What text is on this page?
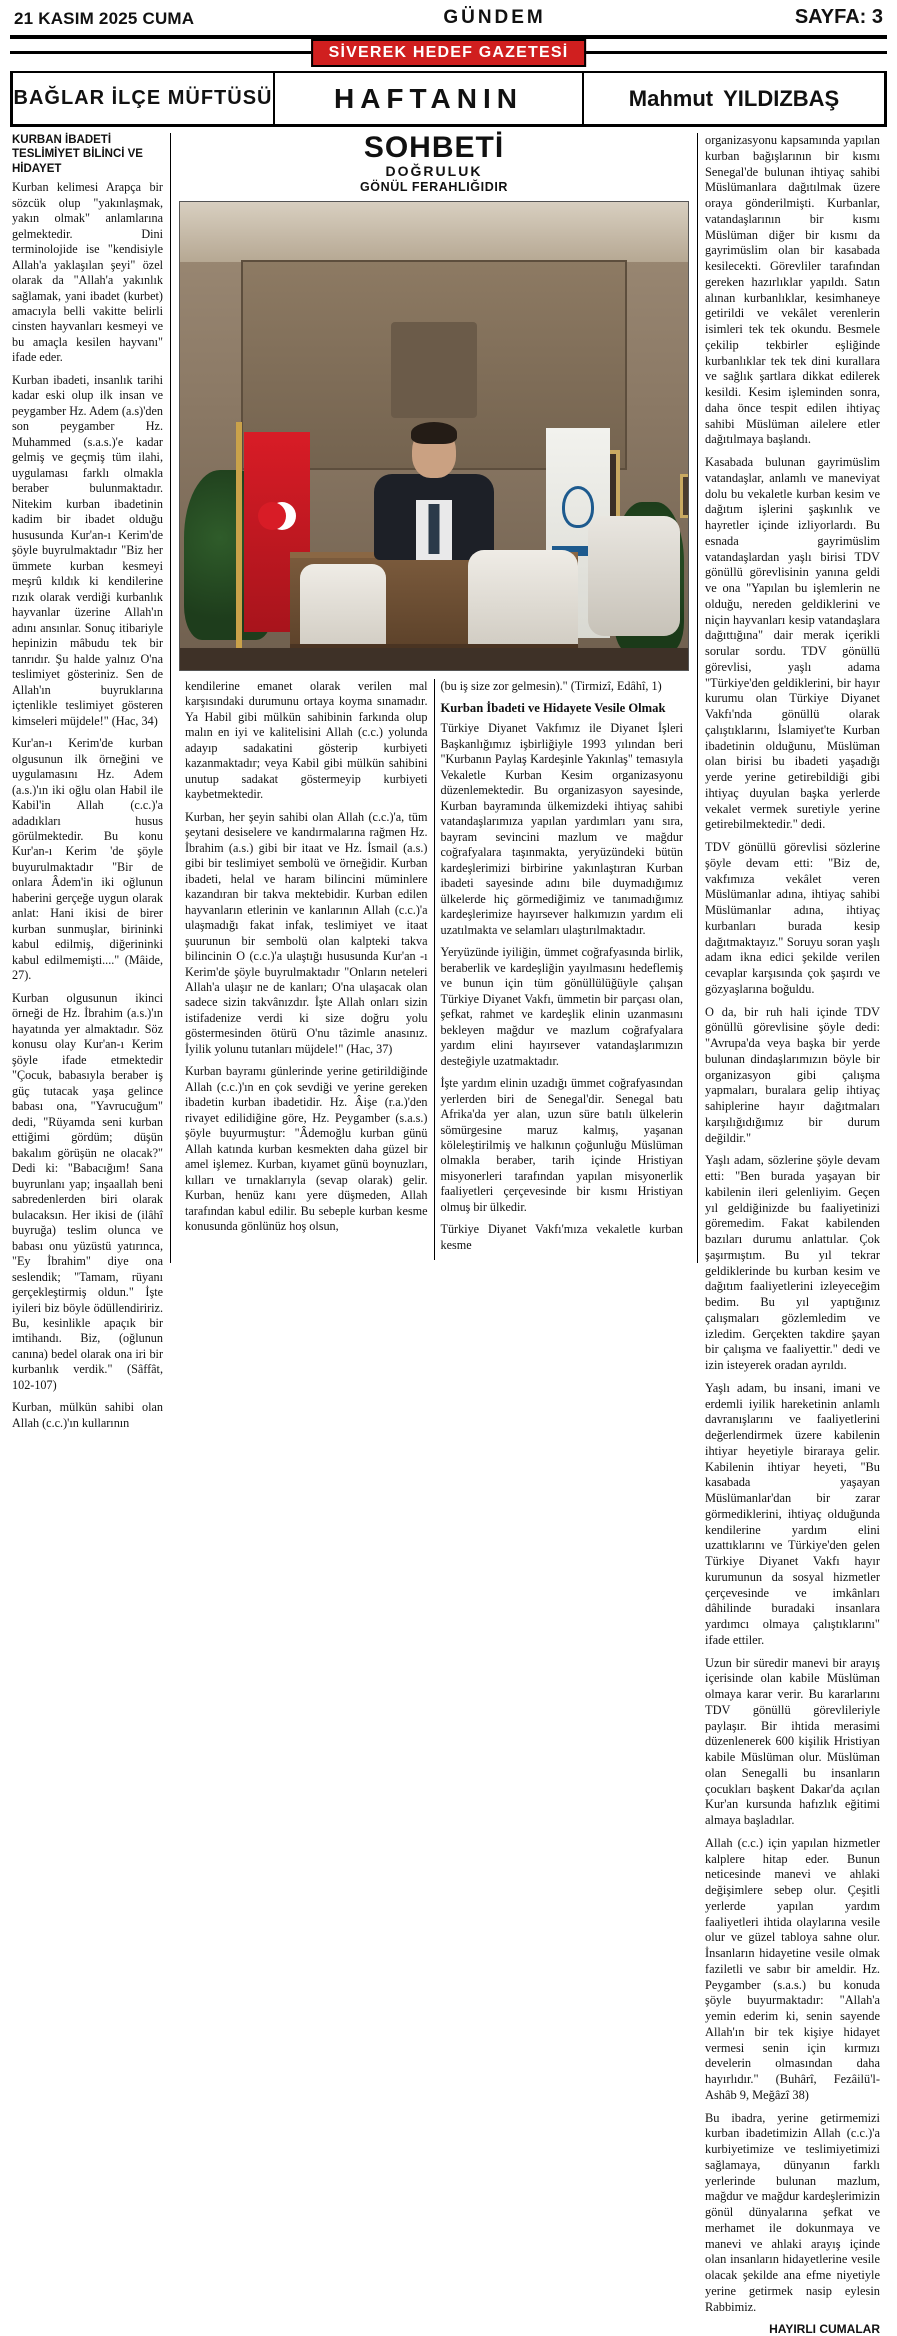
21 KASIM 2025 CUMA	GÜNDEM	SAYFA: 3
SİVEREK HEDEF GAZETESİ
BAĞLAR İLÇE MÜFTÜSÜ HAFTANIN	Mahmut YILDIZBAŞ
KURBAN İBADETİ TESLİMİYET BİLİNCİ VE HİDAYET

Kurban kelimesi Arapça bir sözcük olup "yakınlaşmak, yakın olmak" anlamlarına gelmektedir. Dini terminolojide ise "kendisiyle Allah'a yaklaşılan şeyi" özel olarak da "Allah'a yakınlık sağlamak, yani ibadet (kurbet) amacıyla belli vakitte belirli cinsten hayvanları kesmeyi ve bu amaçla kesilen hayvanı" ifade eder.

Kurban ibadeti, insanlık tarihi kadar eski olup ilk insan ve peygamber Hz. Adem (a.s)'den son peygamber Hz. Muhammed (s.a.s.)'e kadar gelmiş ve geçmiş tüm ilahi, uygulaması farklı olmakla beraber bulunmaktadır. Nitekim kurban ibadetinin kadim bir ibadet olduğu hususunda Kur'an-ı Kerim'de şöyle buyrulmaktadır "Biz her ümmete kurban kesmeyi meşrû kıldık ki kendilerine rızık olarak verdiği kurbanlık hayvanlar üzerine Allah'ın adını ansınlar. Sonuç itibariyle hepinizin mâbudu tek bir tanrıdır. Şu halde yalnız O'na teslimiyet gösteriniz. Sen de Allah'ın buyruklarına içtenlikle teslimiyet gösteren kimseleri müjdele!" (Hac, 34)

Kur'an-ı Kerim'de kurban olgusunun ilk örneğini ve uygulamasını Hz. Adem (a.s.)'ın iki oğlu olan Habil ile Kabil'in Allah (c.c.)'a adadıkları husus görülmektedir. Bu konu Kur'an-ı Kerim 'de şöyle buyurulmaktadır "Bir de onlara Âdem'in iki oğlunun haberini gerçeğe uygun olarak anlat: Hani ikisi de birer kurban sunmuşlar, birininki kabul edilmiş, diğerininki kabul edilmemişti...." (Mâide, 27).

Kurban olgusunun ikinci örneği de Hz. İbrahim (a.s.)'ın hayatında yer almaktadır. Söz konusu olay Kur'an-ı Kerim şöyle ifade etmektedir "Çocuk, babasıyla beraber iş güç tutacak yaşa gelince babası ona, "Yavrucuğum" dedi, "Rüyamda seni kurban ettiğimi gördüm; düşün bakalım görüşün ne olacak?" Dedi ki: "Babacığım! Sana buyrunlanı yap; inşaallah beni sabredenlerden biri olarak bulacaksın. Her ikisi de (ilâhî buyruğa) teslim olunca ve babası onu yüzüstü yatırınca, "Ey İbrahim" diye ona seslendik; "Tamam, rüyanı gerçekleştirmiş oldun." İşte iyileri biz böyle ödüllendiririz. Bu, kesinlikle apaçık bir imtihandı. Biz, (oğlunun canına) bedel olarak ona iri bir kurbanlık verdik." (Sâffât, 102-107)

Kurban, mülkün sahibi olan Allah (c.c.)'ın kullarının

SOHBETİ
DOĞRULUK
GÖNÜL FERAHLIĞIDIR

kendilerine emanet olarak verilen mal karşısındaki durumunu ortaya koyma sınamadır. Ya Habil gibi mülkün sahibinin farkında olup malın en iyi ve kalitelisini Allah (c.c.) yolunda adayıp sadakatini gösterip kurbiyeti kazanmaktadır; veya Kabil gibi mülkün sahibini unutup sadakat göstermeyip kurbiyeti kaybetmektedir.

Kurban, her şeyin sahibi olan Allah (c.c.)'a, tüm şeytani desiselere ve kandırmalarına rağmen Hz. İbrahim (a.s.) gibi bir itaat ve Hz. İsmail (a.s.) gibi bir teslimiyet sembolü ve örneğidir. Kurban ibadeti, helal ve haram bilincini müminlere kazandıran bir takva mektebidir. Kurban edilen hayvanların etlerinin ve kanlarının Allah (c.c.)'a ulaşmadığı fakat infak, teslimiyet ve itaat şuurunun bir sembolü olan kalpteki takva bilincinin O (c.c.)'a ulaştığı hususunda Kur'an -ı Kerim'de şöyle buyrulmaktadır "Onların neteleri Allah'a ulaşır ne de kanları; O'na ulaşacak olan sadece sizin takvânızdır. İşte Allah onları sizin istifadenize verdi ki size doğru yolu göstermesinden ötürü O'nu tâzimle anasınız. İyilik yolunu tutanları müjdele!" (Hac, 37)

Kurban bayramı günlerinde yerine getirildiğinde Allah (c.c.)'ın en çok sevdiği ve yerine gereken ibadetin kurban ibadetidir. Hz. Âişe (r.a.)'den rivayet edilidiğine göre, Hz. Peygamber (s.a.s.) şöyle buyurmuştur: "Âdemoğlu kurban günü Allah katında kurban kesmekten daha güzel bir amel işlemez. Kurban, kıyamet günü boynuzları, kılları ve tırnaklarıyla (sevap olarak) gelir. Kurban, henüz kanı yere düşmeden, Allah tarafından kabul edilir. Bu sebeple kurban kesme konusunda gönlünüz hoş olsun,

(bu iş size zor gelmesin)." (Tirmizî, Edâhî, 1)

Kurban İbadeti ve Hidayete Vesile Olmak

Türkiye Diyanet Vakfımız ile Diyanet İşleri Başkanlığımız işbirliğiyle 1993 yılından beri "Kurbanın Paylaş Kardeşinle Yakınlaş" temasıyla Vekaletle Kurban Kesim organizasyonu düzenlemektedir. Bu organizasyon sayesinde, Kurban bayramında ülkemizdeki ihtiyaç sahibi vatandaşlarımıza yapılan yardımları yanı sıra, bayram sevincini mazlum ve mağdur coğrafyalara taşınmakta, yeryüzündeki bütün kardeşlerimizi birbirine yakınlaştıran Kurban ibadeti sayesinde adını bile duymadığımız ülkelerde hiç görmediğimiz ve tanımadığımız kardeşlerimize hayırsever halkımızın yardım eli uzatılmakta ve selamları ulaştırılmaktadır.

Yeryüzünde iyiliğin, ümmet coğrafyasında birlik, beraberlik ve kardeşliğin yayılmasını hedeflemiş ve bunun için tüm gönüllülüğüyle çalışan Türkiye Diyanet Vakfı, ümmetin bir parçası olan, şefkat, rahmet ve kardeşlik elinin uzanmasını bekleyen mağdur ve mazlum coğrafyalara yardım elini hayırsever vatandaşlarımızın desteğiyle uzatmaktadır.

İşte yardım elinin uzadığı ümmet coğrafyasından yerlerden biri de Senegal'dir. Senegal batı Afrika'da yer alan, uzun süre batılı ülkelerin sömürgesine maruz kalmış, yaşanan köleleştirilmiş ve halkının çoğunluğu Müslüman olmakla beraber, tarih içinde Hristiyan misyonerleri tarafından yapılan misyonerlik faaliyetleri çerçevesinde bir kısmı Hristiyan olmuş bir ülkedir.

Türkiye Diyanet Vakfı'mıza vekaletle kurban kesme

organizasyonu kapsamında yapılan kurban bağışlarının bir kısmı Senegal'de bulunan ihtiyaç sahibi Müslümanlara dağıtılmak üzere oraya gönderilmişti. Kurbanlar, vatandaşlarının bir kısmı Müslüman diğer bir kısmı da gayrimüslim olan bir kasabada kesilecekti. Görevliler tarafından gereken hazırlıklar yapıldı. Satın alınan kurbanlıklar, kesimhaneye getirildi ve vekâlet verenlerin isimleri tek tek okundu. Besmele çekilip tekbirler eşliğinde kurbanlıklar tek tek dini kurallara ve sağlık şartlara dikkat edilerek kesildi. Kesim işleminden sonra, daha önce tespit edilen ihtiyaç sahibi Müslüman ailelere etler dağıtılmaya başlandı.

Kasabada bulunan gayrimüslim vatandaşlar, anlamlı ve maneviyat dolu bu vekaletle kurban kesim ve dağıtım işlerini şaşkınlık ve hayretler içinde izliyorlardı. Bu esnada gayrimüslim vatandaşlardan yaşlı birisi TDV gönüllü görevlisinin yanına geldi ve ona "Yapılan bu işlemlerin ne olduğu, nereden geldiklerini ve niçin hayvanları kesip vatandaşlara dağıttığına" dair merak içerikli sorular sordu. TDV gönüllü görevlisi, yaşlı adama "Türkiye'den geldiklerini, bir hayır kurumu olan Türkiye Diyanet Vakfı'nda gönüllü olarak çalıştıklarını, İslamiyet'te Kurban ibadetinin olduğunu, Müslüman olan birisi bu ibadeti yaşadığı yerde yerine getirebildiği gibi ihtiyaç duyulan başka yerlerde vekalet vermek suretiyle yerine getirebilmektedir." dedi.

TDV gönüllü görevlisi sözlerine şöyle devam etti: "Biz de, vakfımıza vekâlet veren Müslümanlar adına, ihtiyaç sahibi Müslümanlar adına, ihtiyaç kurbanları burada kesip dağıtmaktayız." Soruyu soran yaşlı adam ikna edici şekilde verilen cevaplar karşısında çok şaşırdı ve gözyaşlarına boğuldu.

O da, bir ruh hali içinde TDV gönüllü görevlisine şöyle dedi: "Avrupa'da veya başka bir yerde bulunan dindaşlarımızın böyle bir organizasyon gibi çalışma yapmaları, buralara gelip ihtiyaç sahiplerine hayır dağıtmaları karşılığıdığımız bir durum değildir."

Yaşlı adam, sözlerine şöyle devam etti: "Ben burada yaşayan bir kabilenin ileri gelenliyim. Geçen yıl geldiğinizde bu faaliyetinizi göremedim. Fakat kabilenden bazıları durumu anlattılar. Çok şaşırmıştım. Bu yıl tekrar geldiklerinde bu kurban kesim ve dağıtım faaliyetlerini izleyeceğim bedim. Bu yıl yaptığınız çalışmaları gözlemledim ve izledim. Gerçekten takdire şayan bir çalışma ve faaliyettir." dedi ve izin isteyerek oradan ayrıldı.

Yaşlı adam, bu insani, imani ve erdemli iyilik hareketinin anlamlı davranışlarını ve faaliyetlerini değerlendirmek üzere kabilenin ihtiyar heyetiyle biraraya gelir. Kabilenin ihtiyar heyeti, "Bu kasabada yaşayan Müslümanlar'dan bir zarar görmediklerini, ihtiyaç olduğunda kendilerine yardım elini uzattıklarını ve Türkiye'den gelen Türkiye Diyanet Vakfı hayır kurumunun da sosyal hizmetler çerçevesinde ve imkânları dâhilinde buradaki insanlara yardımcı olmaya çalıştıklarını" ifade ettiler.

Uzun bir süredir manevi bir arayış içerisinde olan kabile Müslüman olmaya karar verir. Bu kararlarını TDV gönüllü görevlileriyle paylaşır. Bir ihtida merasimi düzenlenerek 600 kişilik Hristiyan kabile Müslüman olur. Müslüman olan Senegalli bu insanların çocukları başkent Dakar'da açılan Kur'an kursunda hafızlık eğitimi almaya başladılar.

Allah (c.c.) için yapılan hizmetler kalplere hitap eder. Bunun neticesinde manevi ve ahlaki değişimlere sebep olur. Çeşitli yerlerde yapılan yardım faaliyetleri ihtida olaylarına vesile olur ve güzel tabloya sahne olur. İnsanların hidayetine vesile olmak faziletli ve sabır bir ameldir. Hz. Peygamber (s.a.s.) bu konuda şöyle buyurmaktadır: "Allah'a yemin ederim ki, senin sayende Allah'ın bir tek kişiye hidayet vermesi senin için kırmızı develerin olmasından daha hayırlıdır." (Buhârî, Fezâilü'l-Ashâb 9, Meğâzî 38)

Bu ibadra, yerine getirmemizi kurban ibadetimizin Allah (c.c.)'a kurbiyetimize ve teslimiyetimizi sağlamaya, dünyanın farklı yerlerinde bulunan mazlum, mağdur ve mağdur kardeşlerimizin gönül dünyalarına şefkat ve merhamet ile dokunmaya ve manevi ve ahlaki arayış içinde olan insanların hidayetlerine vesile olacak şekilde ana efme niyetiyle yerine getirmek nasip eylesin Rabbimiz.

HAYIRLI CUMALAR
